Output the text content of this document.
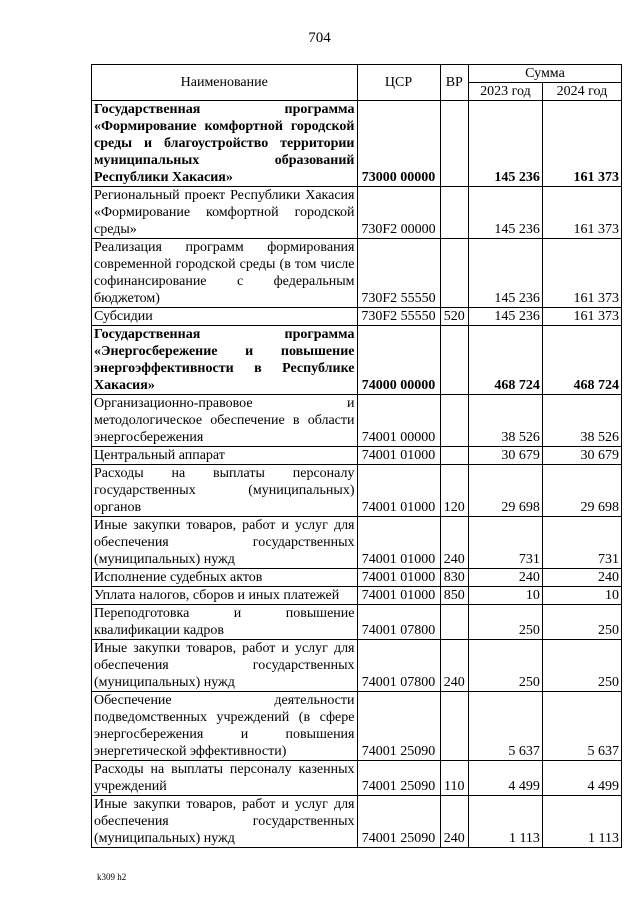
704
Наименование	ЦСР	ВР	Сумма	
			2023 год	2024 год
Государственная программа «Формирование комфортной городской среды и благоустройство территории муниципальных образований Республики Хакасия»	73000 00000		145 236	161 373
Региональный проект Республики Хакасия «Формирование комфортной городской среды»	730F2 00000		145 236	161 373
Реализация программ формирования современной городской среды (в том числе софинансирование с федеральным бюджетом)	730F2 55550		145 236	161 373
Субсидии	730F2 55550	520	145 236	161 373
Государственная программа «Энергосбережение и повышение энергоэффективности в Республике Хакасия»	74000 00000		468 724	468 724
Организационно-правовое и методологическое обеспечение в области энергосбережения	74001 00000		38 526	38 526
Центральный аппарат	74001 01000		30 679	30 679
Расходы на выплаты персоналу государственных (муниципальных) органов	74001 01000	120	29 698	29 698
Иные закупки товаров, работ и услуг для обеспечения государственных (муниципальных) нужд	74001 01000	240	731	731
Исполнение судебных актов	74001 01000	830	240	240
Уплата налогов, сборов и иных платежей	74001 01000	850	10	10
Переподготовка и повышение квалификации кадров	74001 07800		250	250
Иные закупки товаров, работ и услуг для обеспечения государственных (муниципальных) нужд	74001 07800	240	250	250
Обеспечение деятельности подведомственных учреждений (в сфере энергосбережения и повышения энергетической эффективности)	74001 25090		5 637	5 637
Расходы на выплаты персоналу казенных учреждений	74001 25090	110	4 499	4 499
Иные закупки товаров, работ и услуг для обеспечения государственных (муниципальных) нужд	74001 25090	240	1 113	1 113
k309 h2
